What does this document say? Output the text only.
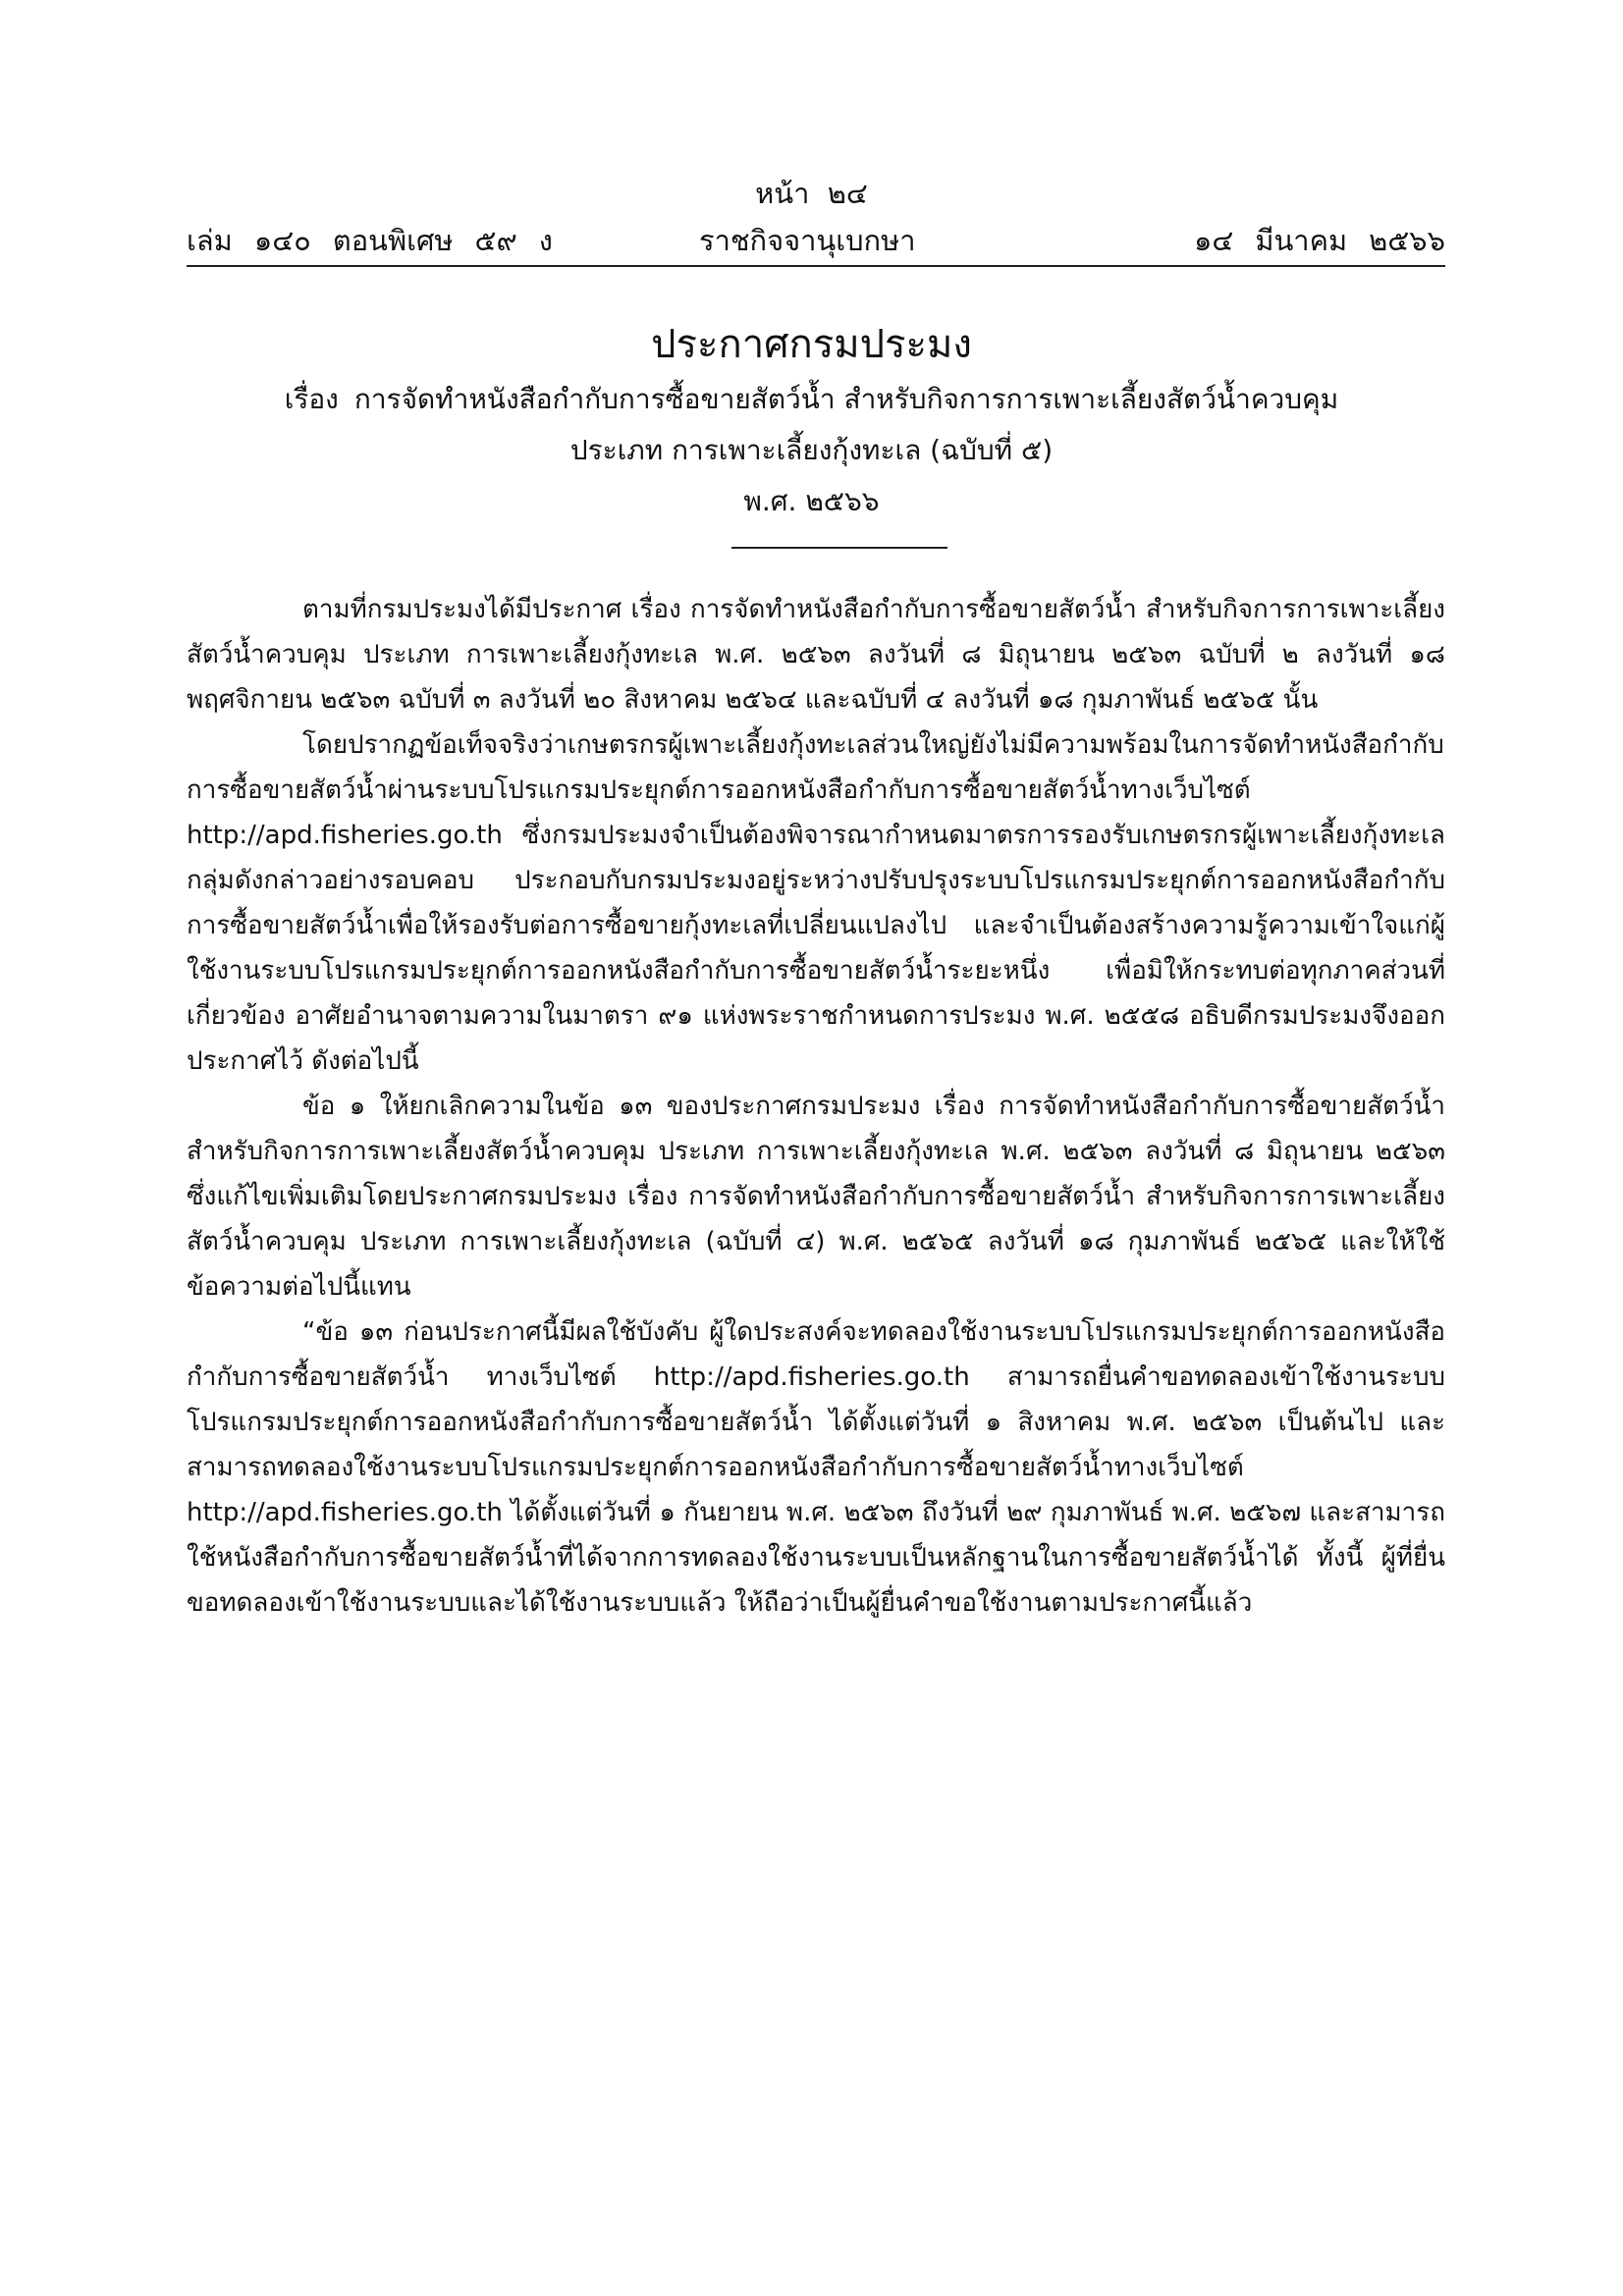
หน้า ๒๔
เล่ม ๑๔๐ ตอนพิเศษ ๕๙ ง	ราชกิจจานุเบกษา	๑๔ มีนาคม ๒๕๖๖
ประกาศกรมประมง
เรื่อง การจัดทำหนังสือกำกับการซื้อขายสัตว์น้ำ สำหรับกิจการการเพาะเลี้ยงสัตว์น้ำควบคุม
ประเภท การเพาะเลี้ยงกุ้งทะเล (ฉบับที่ ๕)
พ.ศ. ๒๕๖๖

ตามที่กรมประมงได้มีประกาศ เรื่อง การจัดทำหนังสือกำกับการซื้อขายสัตว์น้ำ สำหรับกิจการการเพาะเลี้ยงสัตว์น้ำควบคุม ประเภท การเพาะเลี้ยงกุ้งทะเล พ.ศ. ๒๕๖๓ ลงวันที่ ๘ มิถุนายน ๒๕๖๓ ฉบับที่ ๒ ลงวันที่ ๑๘ พฤศจิกายน ๒๕๖๓ ฉบับที่ ๓ ลงวันที่ ๒๐ สิงหาคม ๒๕๖๔ และฉบับที่ ๔ ลงวันที่ ๑๘ กุมภาพันธ์ ๒๕๖๕ นั้น

โดยปรากฏข้อเท็จจริงว่าเกษตรกรผู้เพาะเลี้ยงกุ้งทะเลส่วนใหญ่ยังไม่มีความพร้อมในการจัดทำหนังสือกำกับการซื้อขายสัตว์น้ำผ่านระบบโปรแกรมประยุกต์การออกหนังสือกำกับการซื้อขายสัตว์น้ำทางเว็บไซต์ http://apd.fisheries.go.th ซึ่งกรมประมงจำเป็นต้องพิจารณากำหนดมาตรการรองรับเกษตรกรผู้เพาะเลี้ยงกุ้งทะเลกลุ่มดังกล่าวอย่างรอบคอบ ประกอบกับกรมประมงอยู่ระหว่างปรับปรุงระบบโปรแกรมประยุกต์การออกหนังสือกำกับการซื้อขายสัตว์น้ำเพื่อให้รองรับต่อการซื้อขายกุ้งทะเลที่เปลี่ยนแปลงไป และจำเป็นต้องสร้างความรู้ความเข้าใจแก่ผู้ใช้งานระบบโปรแกรมประยุกต์การออกหนังสือกำกับการซื้อขายสัตว์น้ำระยะหนึ่ง เพื่อมิให้กระทบต่อทุกภาคส่วนที่เกี่ยวข้อง อาศัยอำนาจตามความในมาตรา ๙๑ แห่งพระราชกำหนดการประมง พ.ศ. ๒๕๕๘ อธิบดีกรมประมงจึงออกประกาศไว้ ดังต่อไปนี้

ข้อ ๑ ให้ยกเลิกความในข้อ ๑๓ ของประกาศกรมประมง เรื่อง การจัดทำหนังสือกำกับการซื้อขายสัตว์น้ำ สำหรับกิจการการเพาะเลี้ยงสัตว์น้ำควบคุม ประเภท การเพาะเลี้ยงกุ้งทะเล พ.ศ. ๒๕๖๓ ลงวันที่ ๘ มิถุนายน ๒๕๖๓ ซึ่งแก้ไขเพิ่มเติมโดยประกาศกรมประมง เรื่อง การจัดทำหนังสือกำกับการซื้อขายสัตว์น้ำ สำหรับกิจการการเพาะเลี้ยงสัตว์น้ำควบคุม ประเภท การเพาะเลี้ยงกุ้งทะเล (ฉบับที่ ๔) พ.ศ. ๒๕๖๕ ลงวันที่ ๑๘ กุมภาพันธ์ ๒๕๖๕ และให้ใช้ข้อความต่อไปนี้แทน

“ข้อ ๑๓ ก่อนประกาศนี้มีผลใช้บังคับ ผู้ใดประสงค์จะทดลองใช้งานระบบโปรแกรมประยุกต์การออกหนังสือกำกับการซื้อขายสัตว์น้ำ ทางเว็บไซต์ http://apd.fisheries.go.th สามารถยื่นคำขอทดลองเข้าใช้งานระบบโปรแกรมประยุกต์การออกหนังสือกำกับการซื้อขายสัตว์น้ำ ได้ตั้งแต่วันที่ ๑ สิงหาคม พ.ศ. ๒๕๖๓ เป็นต้นไป และสามารถทดลองใช้งานระบบโปรแกรมประยุกต์การออกหนังสือกำกับการซื้อขายสัตว์น้ำทางเว็บไซต์ http://apd.fisheries.go.th ได้ตั้งแต่วันที่ ๑ กันยายน พ.ศ. ๒๕๖๓ ถึงวันที่ ๒๙ กุมภาพันธ์ พ.ศ. ๒๕๖๗ และสามารถใช้หนังสือกำกับการซื้อขายสัตว์น้ำที่ได้จากการทดลองใช้งานระบบเป็นหลักฐานในการซื้อขายสัตว์น้ำได้ ทั้งนี้ ผู้ที่ยื่นขอทดลองเข้าใช้งานระบบและได้ใช้งานระบบแล้ว ให้ถือว่าเป็นผู้ยื่นคำขอใช้งานตามประกาศนี้แล้ว
